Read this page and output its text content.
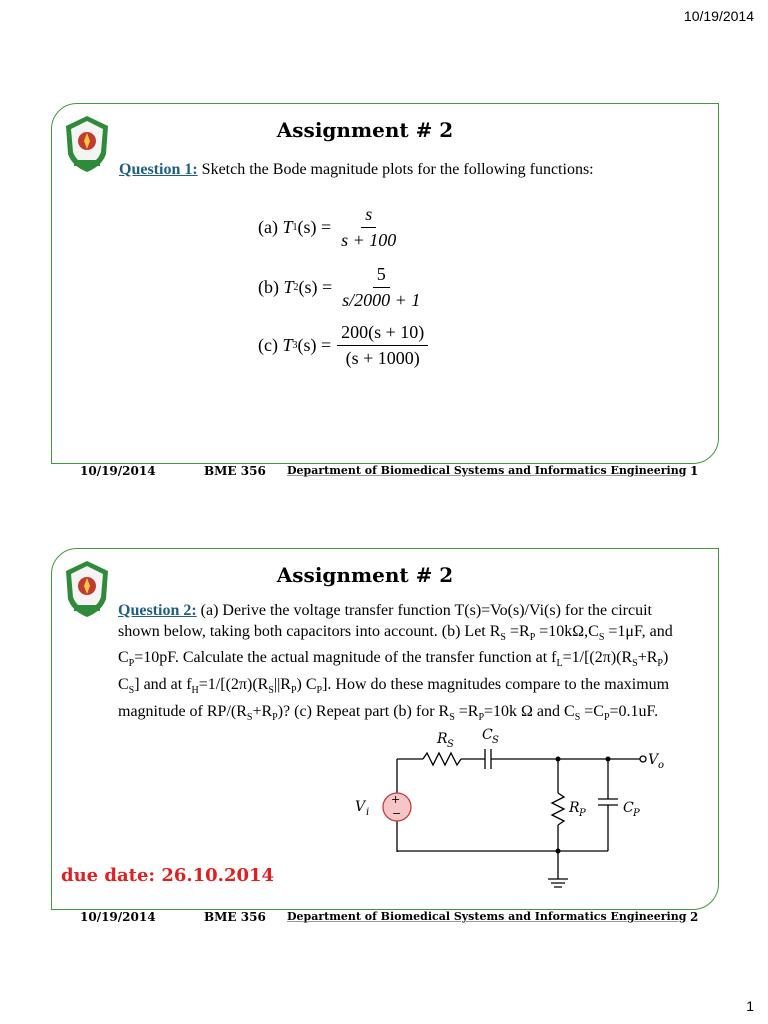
10/19/2014
Assignment # 2
Question 1: Sketch the Bode magnitude plots for the following functions:
(a)
T 1 $(s) = \frac{s}{s + 100}$
(b)
T 2 $(s) = \frac{5}{s/2000 + 1}$
(c)
T 3 $(s) = \frac{200(s + 10)}{(s + 1000)}$
10/19/2014	BME 356 Department of Biomedical Systems and Informatics Engineering 1
Assignment # 2
Question 2: (a) Derive the voltage transfer function T(s)=Vo(s)/Vi(s) for the circuit shown below, taking both capacitors into account. (b) Let $R_S =R_P =10k\Omega,C_S =1\mu F$, and $C_P=10pF$. Calculate the actual magnitude of the transfer function at $f_L=1/[(2\pi)(R_S+R_P)$ $C_S$] and at $f_H=1/[(2\pi)(R_S||R_P)$ $C_P$]. How do these magnitudes compare to the maximum magnitude of $RP/(R_S+R_P)$? (c) Repeat part (b) for $R_S =R_P=10k$ Ω and $C_S =C_P=0.1uF$.
+
−
V i
R S
C S
R P	C P
V o
due date: 26.10.2014
10/19/2014	BME 356 Department of Biomedical Systems and Informatics Engineering 2
1
